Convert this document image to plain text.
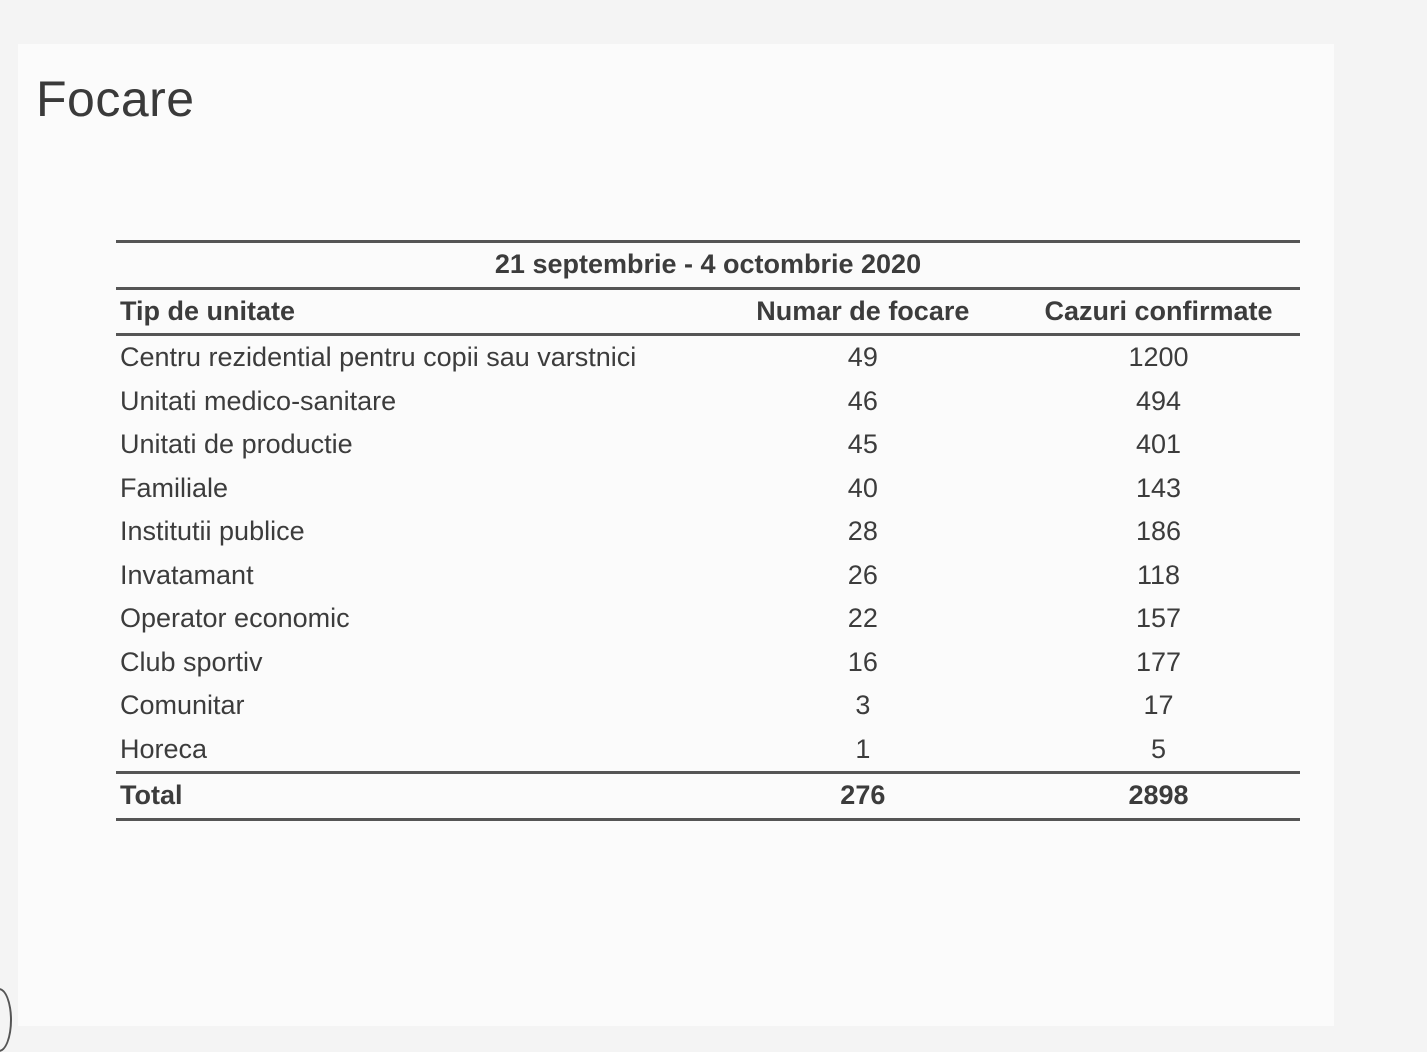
Focare
21 septembrie - 4 octombrie 2020		
Tip de unitate	Numar de focare	Cazuri confirmate
Centru rezidential pentru copii sau varstnici	49	1200
Unitati medico-sanitare	46	494
Unitati de productie	45	401
Familiale	40	143
Institutii publice	28	186
Invatamant	26	118
Operator economic	22	157
Club sportiv	16	177
Comunitar	3	17
Horeca	1	5
Total	276	2898
